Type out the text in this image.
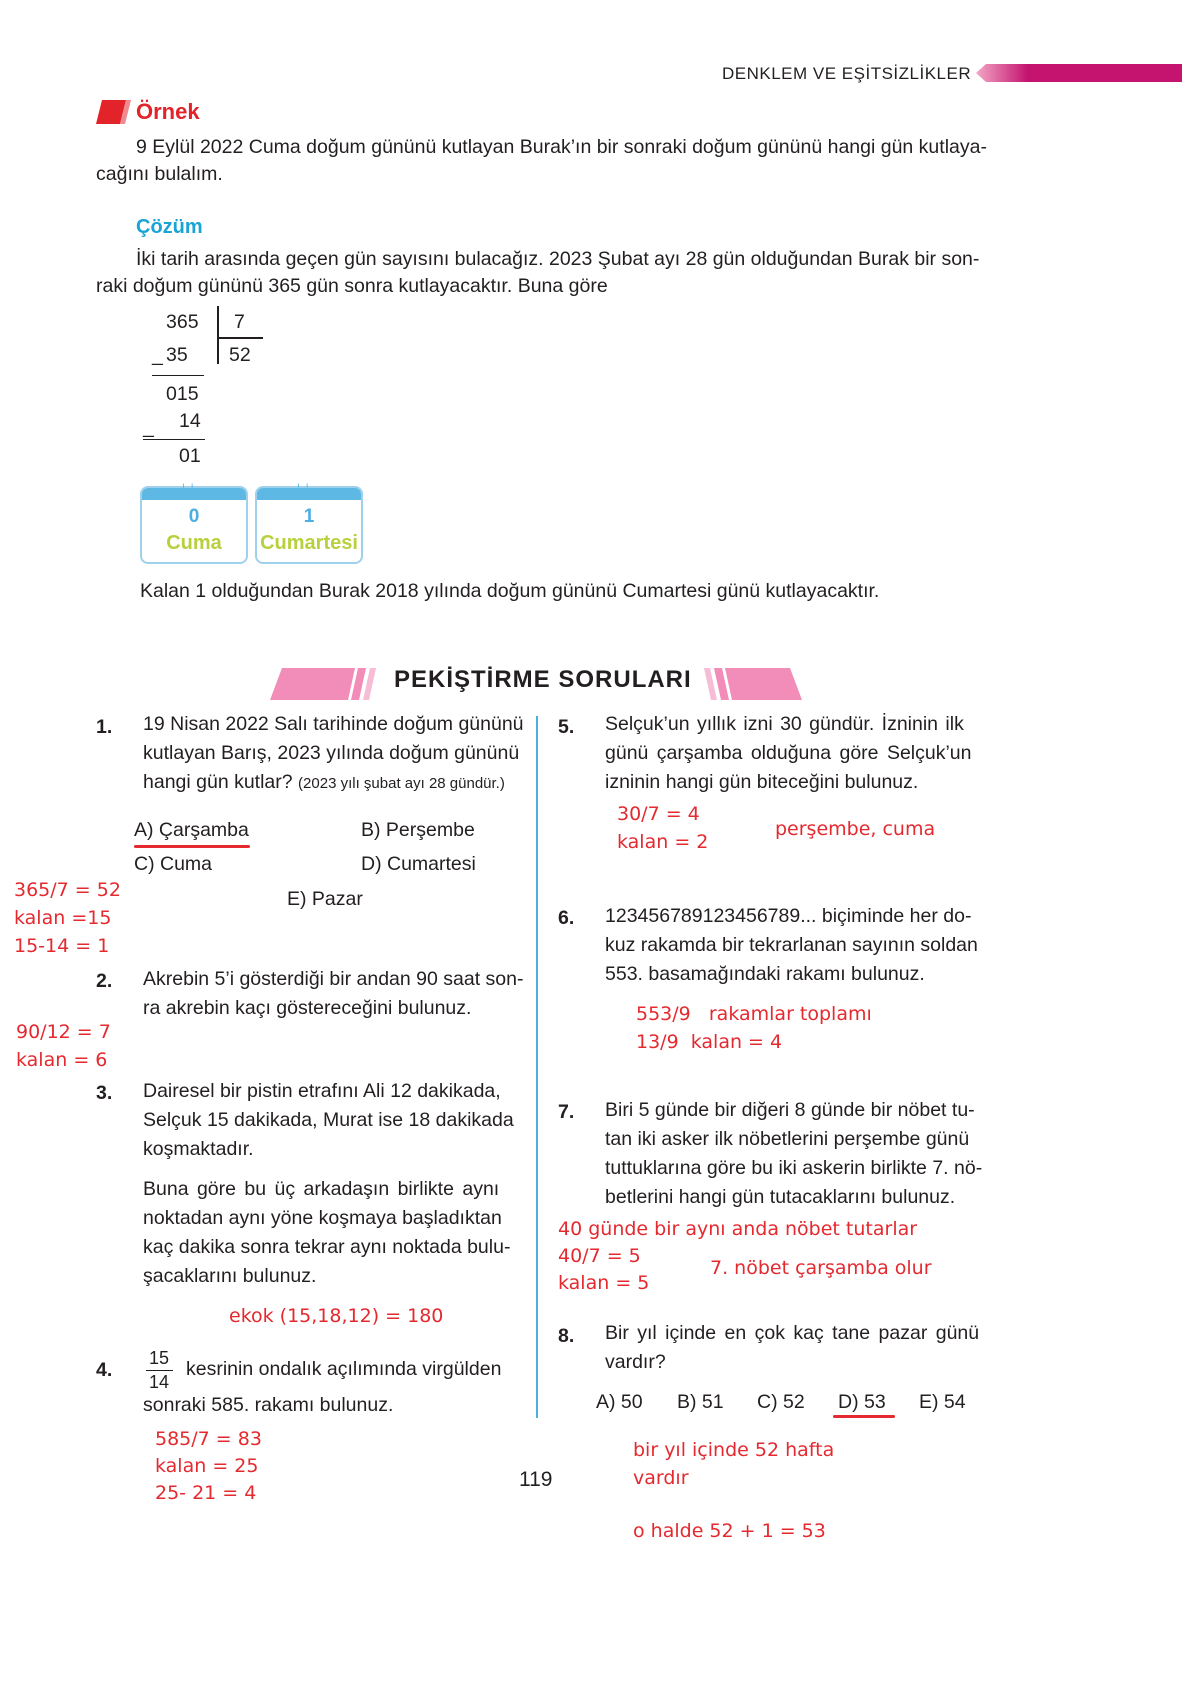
DENKLEM VE EŞİTSİZLİKLER
Örnek
9 Eylül 2022 Cuma doğum gününü kutlayan Burak’ın bir sonraki doğum gününü hangi gün kutlaya-
cağını bulalım.
Çözüm
İki tarih arasında geçen gün sayısını bulacağız. 2023 Şubat ayı 28 gün olduğundan Burak bir son-
raki doğum gününü 365 gün sonra kutlayacaktır. Buna göre
365 7
_ 35 52
015
_ 14
01
ıı
0
Cuma
ıı
1
Cumartesi
Kalan 1 olduğundan Burak 2018 yılında doğum gününü Cumartesi günü kutlayacaktır.
PEKİŞTİRME SORULARI
1. 19 Nisan 2022 Salı tarihinde doğum gününü
kutlayan Barış, 2023 yılında doğum gününü
hangi gün kutlar? (2023 yılı şubat ayı 28 gündür.)
A) Çarşamba	B) Perşembe
C) Cuma	D) Cumartesi
E) Pazar
365/7 = 52
kalan =15
15-14 = 1
2. Akrebin 5’i gösterdiği bir andan 90 saat son-
ra akrebin kaçı göstereceğini bulunuz.
90/12 = 7
kalan = 6
3. Dairesel bir pistin etrafını Ali 12 dakikada,
Selçuk 15 dakikada, Murat ise 18 dakikada
koşmaktadır.
Buna göre bu üç arkadaşın birlikte aynı
noktadan aynı yöne koşmaya başladıktan
kaç dakika sonra tekrar aynı noktada bulu-
şacaklarını bulunuz.
ekok (15,18,12) = 180
4.
15
14
kesrinin ondalık açılımında virgülden
sonraki 585. rakamı bulunuz.
585/7 = 83
kalan = 25
25- 21 = 4
119
5. Selçuk’un yıllık izni 30 gündür. İzninin ilk
günü çarşamba olduğuna göre Selçuk’un
izninin hangi gün biteceğini bulunuz.
30/7 = 4
kalan = 2
perşembe, cuma
6. 123456789123456789... biçiminde her do-
kuz rakamda bir tekrarlanan sayının soldan
553. basamağındaki rakamı bulunuz.
553/9   rakamlar toplamı
13/9  kalan = 4
7. Biri 5 günde bir diğeri 8 günde bir nöbet tu-
tan iki asker ilk nöbetlerini perşembe günü
tuttuklarına göre bu iki askerin birlikte 7. nö-
betlerini hangi gün tutacaklarını bulunuz.
40 günde bir aynı anda nöbet tutarlar
40/7 = 5
kalan = 5
7. nöbet çarşamba olur
8. Bir yıl içinde en çok kaç tane pazar günü
vardır?
A) 50 B) 51 C) 52 D) 53 E) 54
bir yıl içinde 52 hafta
vardır
o halde 52 + 1 = 53
